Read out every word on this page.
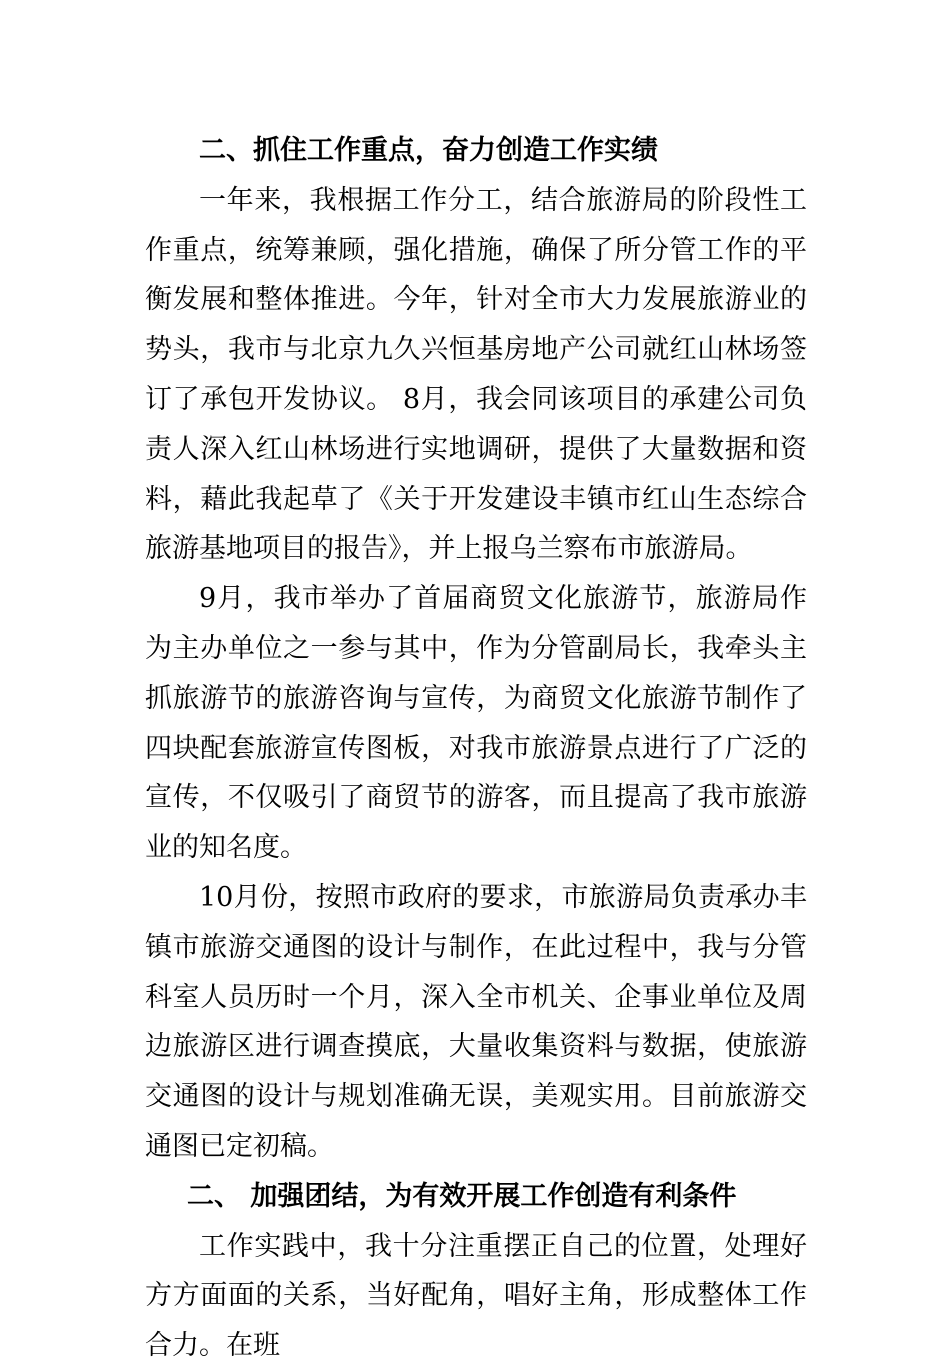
二、抓住工作重点，奋力创造工作实绩

一年来，我根据工作分工，结合旅游局的阶段性工作重点，统筹兼顾，强化措施，确保了所分管工作的平衡发展和整体推进。今年，针对全市大力发展旅游业的势头，我市与北京九久兴恒基房地产公司就红山林场签订了承包开发协议。 8月，我会同该项目的承建公司负责人深入红山林场进行实地调研，提供了大量数据和资料，藉此我起草了《关于开发建设丰镇市红山生态综合旅游基地项目的报告》，并上报乌兰察布市旅游局。

9月，我市举办了首届商贸文化旅游节，旅游局作为主办单位之一参与其中，作为分管副局长，我牵头主抓旅游节的旅游咨询与宣传，为商贸文化旅游节制作了四块配套旅游宣传图板，对我市旅游景点进行了广泛的宣传，不仅吸引了商贸节的游客，而且提高了我市旅游业的知名度。

10月份，按照市政府的要求，市旅游局负责承办丰镇市旅游交通图的设计与制作，在此过程中，我与分管科室人员历时一个月，深入全市机关、企事业单位及周边旅游区进行调查摸底，大量收集资料与数据，使旅游交通图的设计与规划准确无误，美观实用。目前旅游交通图已定初稿。

二、 加强团结，为有效开展工作创造有利条件

工作实践中，我十分注重摆正自己的位置，处理好方方面面的关系，当好配角，唱好主角，形成整体工作合力。在班
